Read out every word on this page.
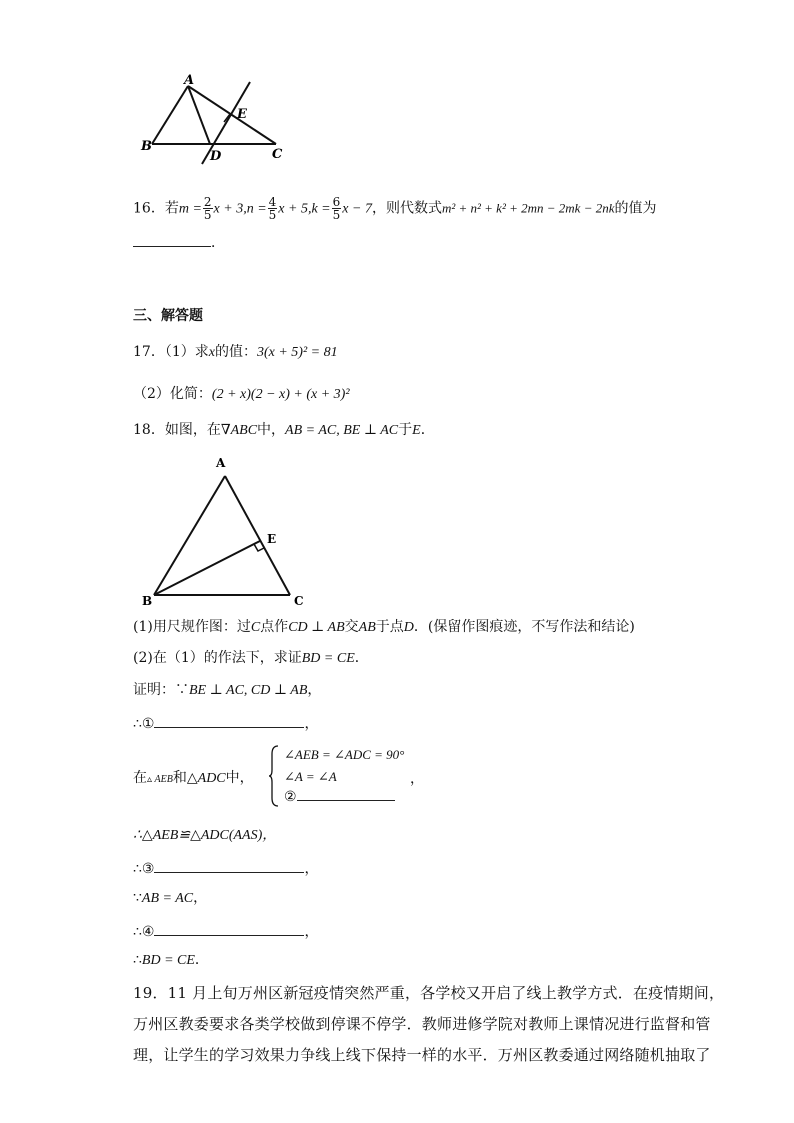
A
B
C
D
E
16．若$m = \frac{2}{5}$ $x + 3,n = \frac{4}{5}$ $x + 5,k = \frac{6}{5}$ x − 7，则代数式m² + n² + k² + 2mn − 2mk − 2nk的值为
．
三、解答题
17．（1）求x的值：3(x + 5)² = 81
（2）化简：(2 + x)(2 − x) + (x + 3)²
18．如图，在∇ABC中，AB = AC, BE ⊥ AC于E．
A
B	C
E
(1)用尺规作图：过C点作CD ⊥ AB交AB于点D．(保留作图痕迹，不写作法和结论)
(2)在（1）的作法下，求证BD = CE．
证明：∵BE ⊥ AC, CD ⊥ AB，
∴①	，
在▵ AEB和△ADC中，
∠AEB = ∠ADC = 90°
∠A = ∠A
②
，
∴△AEB≌△ADC(AAS)，
∴③	，
∵AB = AC，
∴④	，
∴BD = CE．
19．11 月上旬万州区新冠疫情突然严重，各学校又开启了线上教学方式．在疫情期间，
万州区教委要求各类学校做到停课不停学．教师进修学院对教师上课情况进行监督和管
理，让学生的学习效果力争线上线下保持一样的水平．万州区教委通过网络随机抽取了
